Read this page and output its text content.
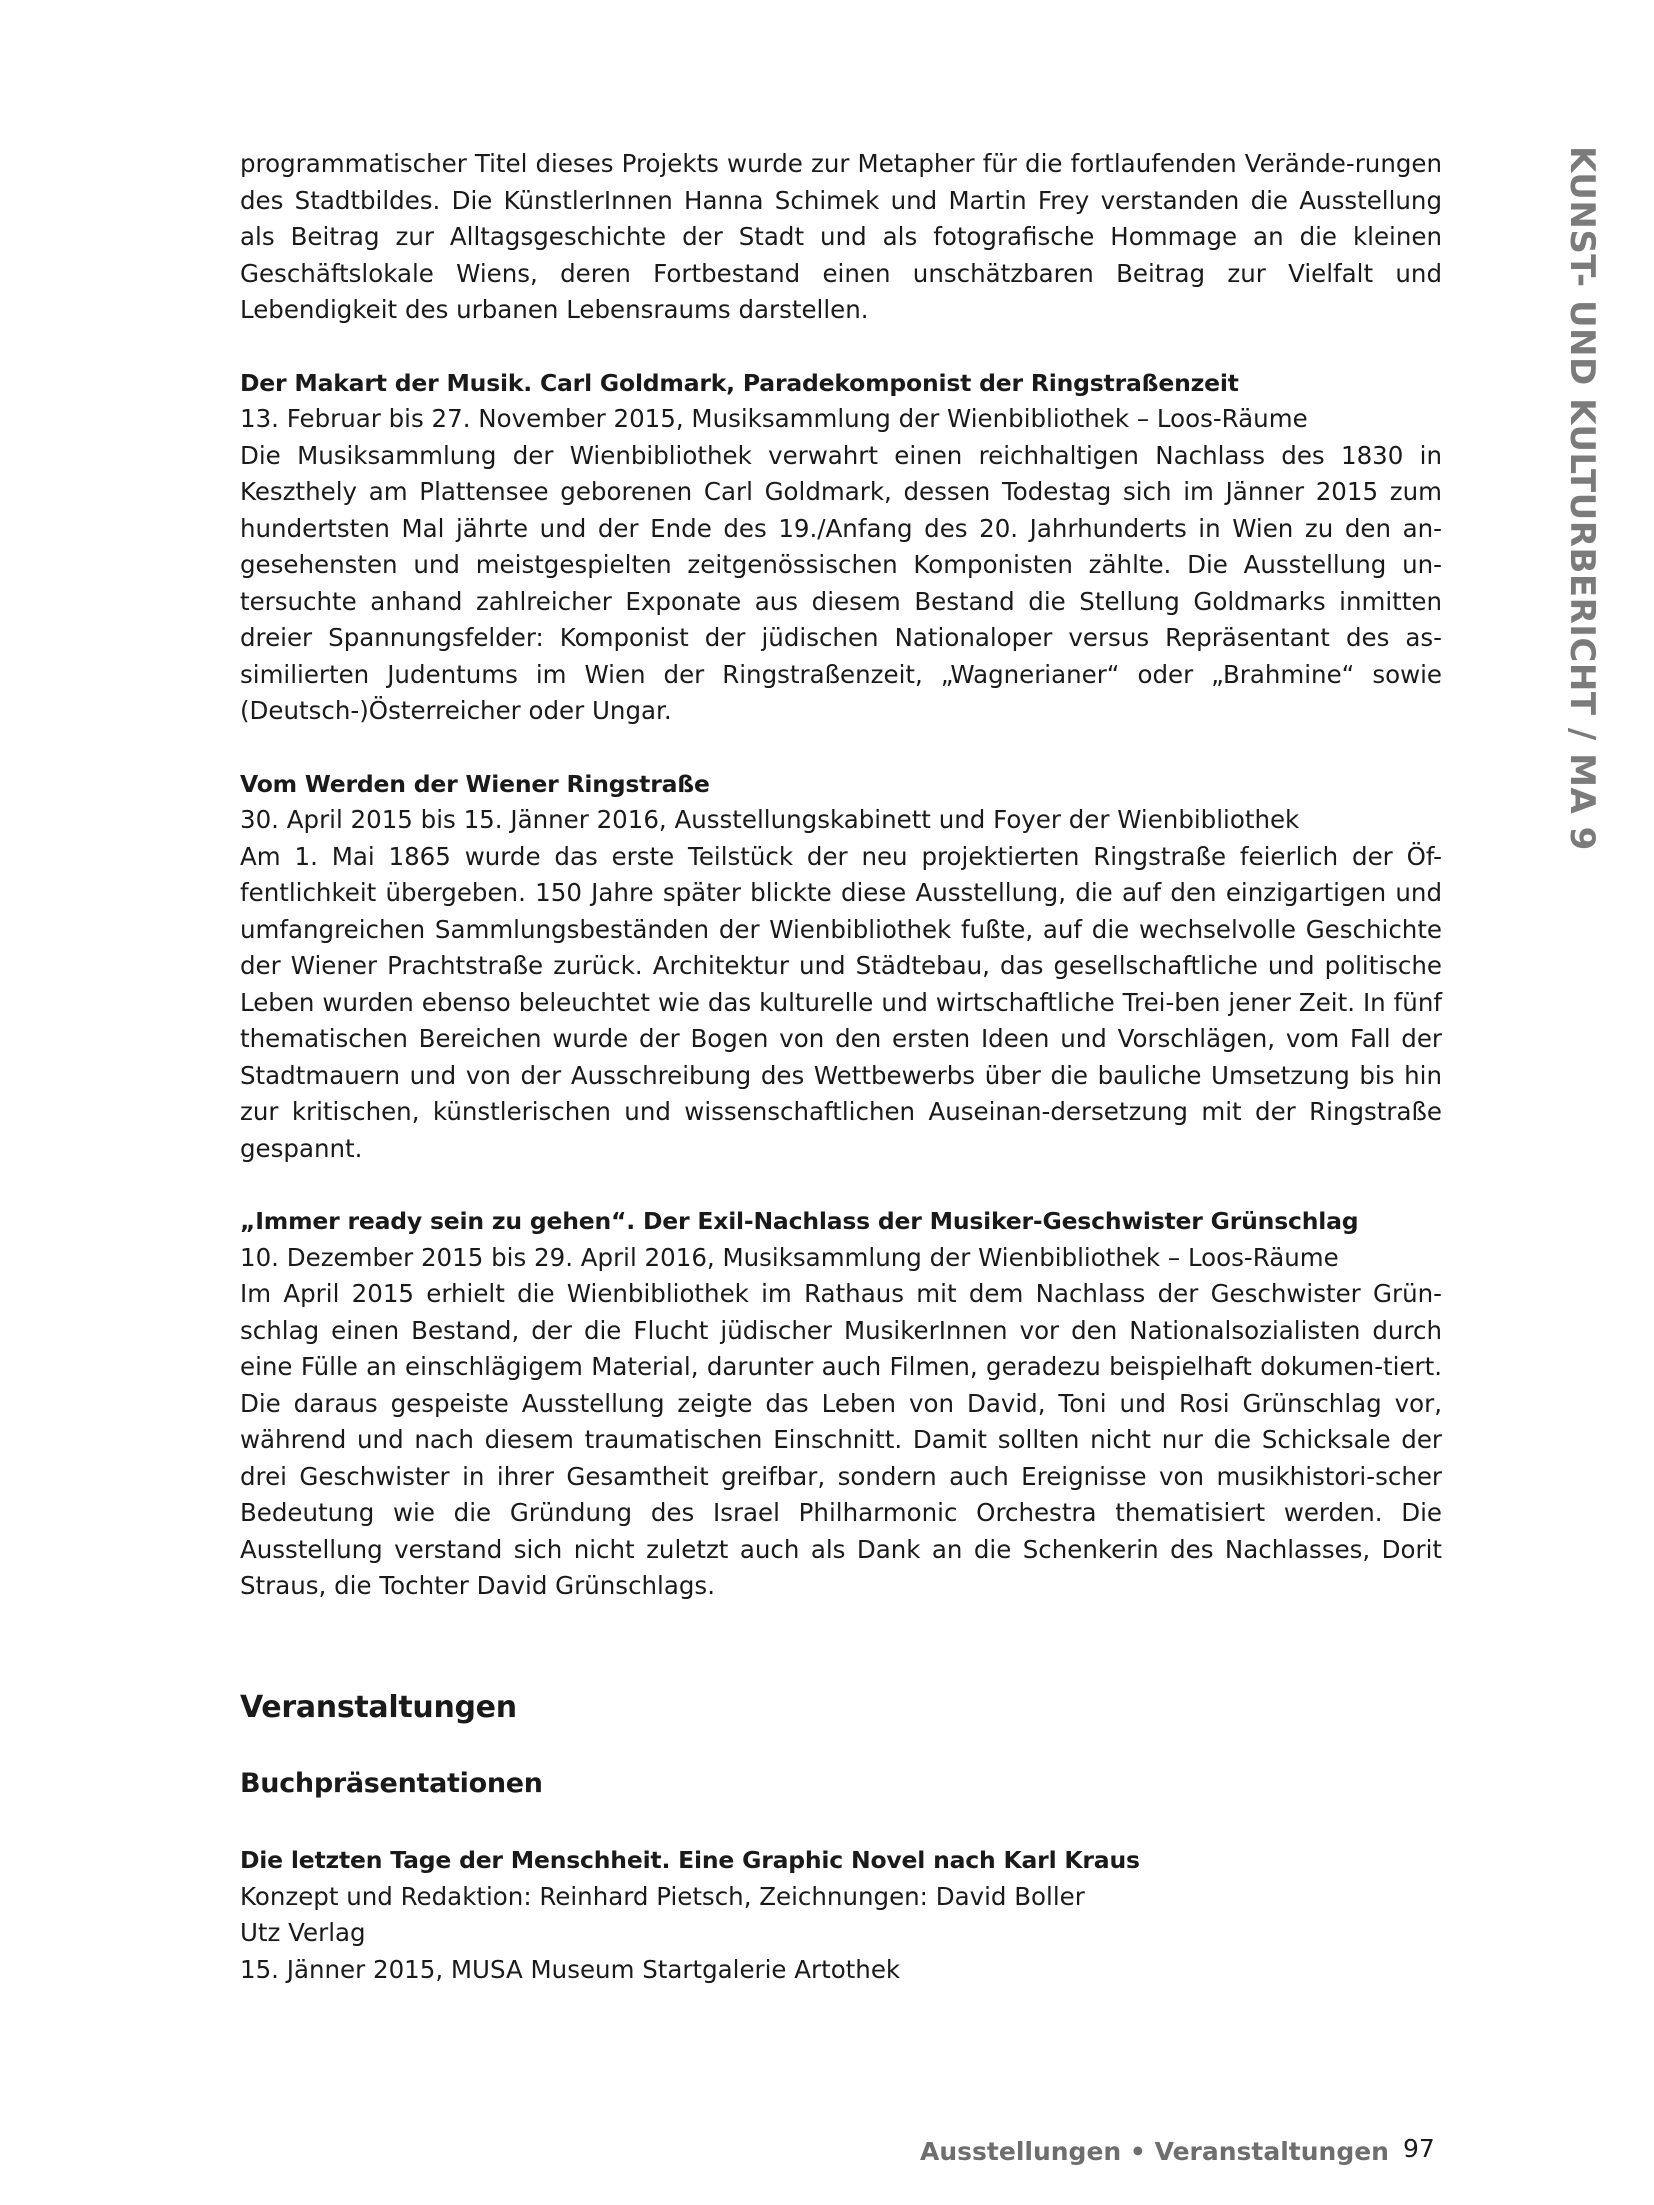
KUNST- UND KULTURBERICHT / MA 9

programmatischer Titel dieses Projekts wurde zur Metapher für die fortlaufenden Verände-rungen des Stadtbildes. Die KünstlerInnen Hanna Schimek und Martin Frey verstanden die Ausstellung als Beitrag zur Alltagsgeschichte der Stadt und als fotografische Hommage an die kleinen Geschäftslokale Wiens, deren Fortbestand einen unschätzbaren Beitrag zur Vielfalt und Lebendigkeit des urbanen Lebensraums darstellen.

Der Makart der Musik. Carl Goldmark, Paradekomponist der Ringstraßenzeit

13. Februar bis 27. November 2015, Musiksammlung der Wienbibliothek – Loos-Räume

Die Musiksammlung der Wienbibliothek verwahrt einen reichhaltigen Nachlass des 1830 in Keszthely am Plattensee geborenen Carl Goldmark, dessen Todestag sich im Jänner 2015 zum hundertsten Mal jährte und der Ende des 19./Anfang des 20. Jahrhunderts in Wien zu den an-gesehensten und meistgespielten zeitgenössischen Komponisten zählte. Die Ausstellung un-tersuchte anhand zahlreicher Exponate aus diesem Bestand die Stellung Goldmarks inmitten dreier Spannungsfelder: Komponist der jüdischen Nationaloper versus Repräsentant des as-similierten Judentums im Wien der Ringstraßenzeit, „Wagnerianer“ oder „Brahmine“ sowie (Deutsch-)Österreicher oder Ungar.

Vom Werden der Wiener Ringstraße

30. April 2015 bis 15. Jänner 2016, Ausstellungskabinett und Foyer der Wienbibliothek

Am 1. Mai 1865 wurde das erste Teilstück der neu projektierten Ringstraße feierlich der Öf-fentlichkeit übergeben. 150 Jahre später blickte diese Ausstellung, die auf den einzigartigen und umfangreichen Sammlungsbeständen der Wienbibliothek fußte, auf die wechselvolle Geschichte der Wiener Prachtstraße zurück. Architektur und Städtebau, das gesellschaftliche und politische Leben wurden ebenso beleuchtet wie das kulturelle und wirtschaftliche Trei-ben jener Zeit. In fünf thematischen Bereichen wurde der Bogen von den ersten Ideen und Vorschlägen, vom Fall der Stadtmauern und von der Ausschreibung des Wettbewerbs über die bauliche Umsetzung bis hin zur kritischen, künstlerischen und wissenschaftlichen Auseinan-dersetzung mit der Ringstraße gespannt.

„Immer ready sein zu gehen“. Der Exil-Nachlass der Musiker-Geschwister Grünschlag

10. Dezember 2015 bis 29. April 2016, Musiksammlung der Wienbibliothek – Loos-Räume

Im April 2015 erhielt die Wienbibliothek im Rathaus mit dem Nachlass der Geschwister Grün-schlag einen Bestand, der die Flucht jüdischer MusikerInnen vor den Nationalsozialisten durch eine Fülle an einschlägigem Material, darunter auch Filmen, geradezu beispielhaft dokumen-tiert. Die daraus gespeiste Ausstellung zeigte das Leben von David, Toni und Rosi Grünschlag vor, während und nach diesem traumatischen Einschnitt. Damit sollten nicht nur die Schicksale der drei Geschwister in ihrer Gesamtheit greifbar, sondern auch Ereignisse von musikhistori-scher Bedeutung wie die Gründung des Israel Philharmonic Orchestra thematisiert werden. Die Ausstellung verstand sich nicht zuletzt auch als Dank an die Schenkerin des Nachlasses, Dorit Straus, die Tochter David Grünschlags.

Veranstaltungen
Buchpräsentationen

Die letzten Tage der Menschheit. Eine Graphic Novel nach Karl Kraus

Konzept und Redaktion: Reinhard Pietsch, Zeichnungen: David Boller

Utz Verlag

15. Jänner 2015, MUSA Museum Startgalerie Artothek

Ausstellungen • Veranstaltungen 97
